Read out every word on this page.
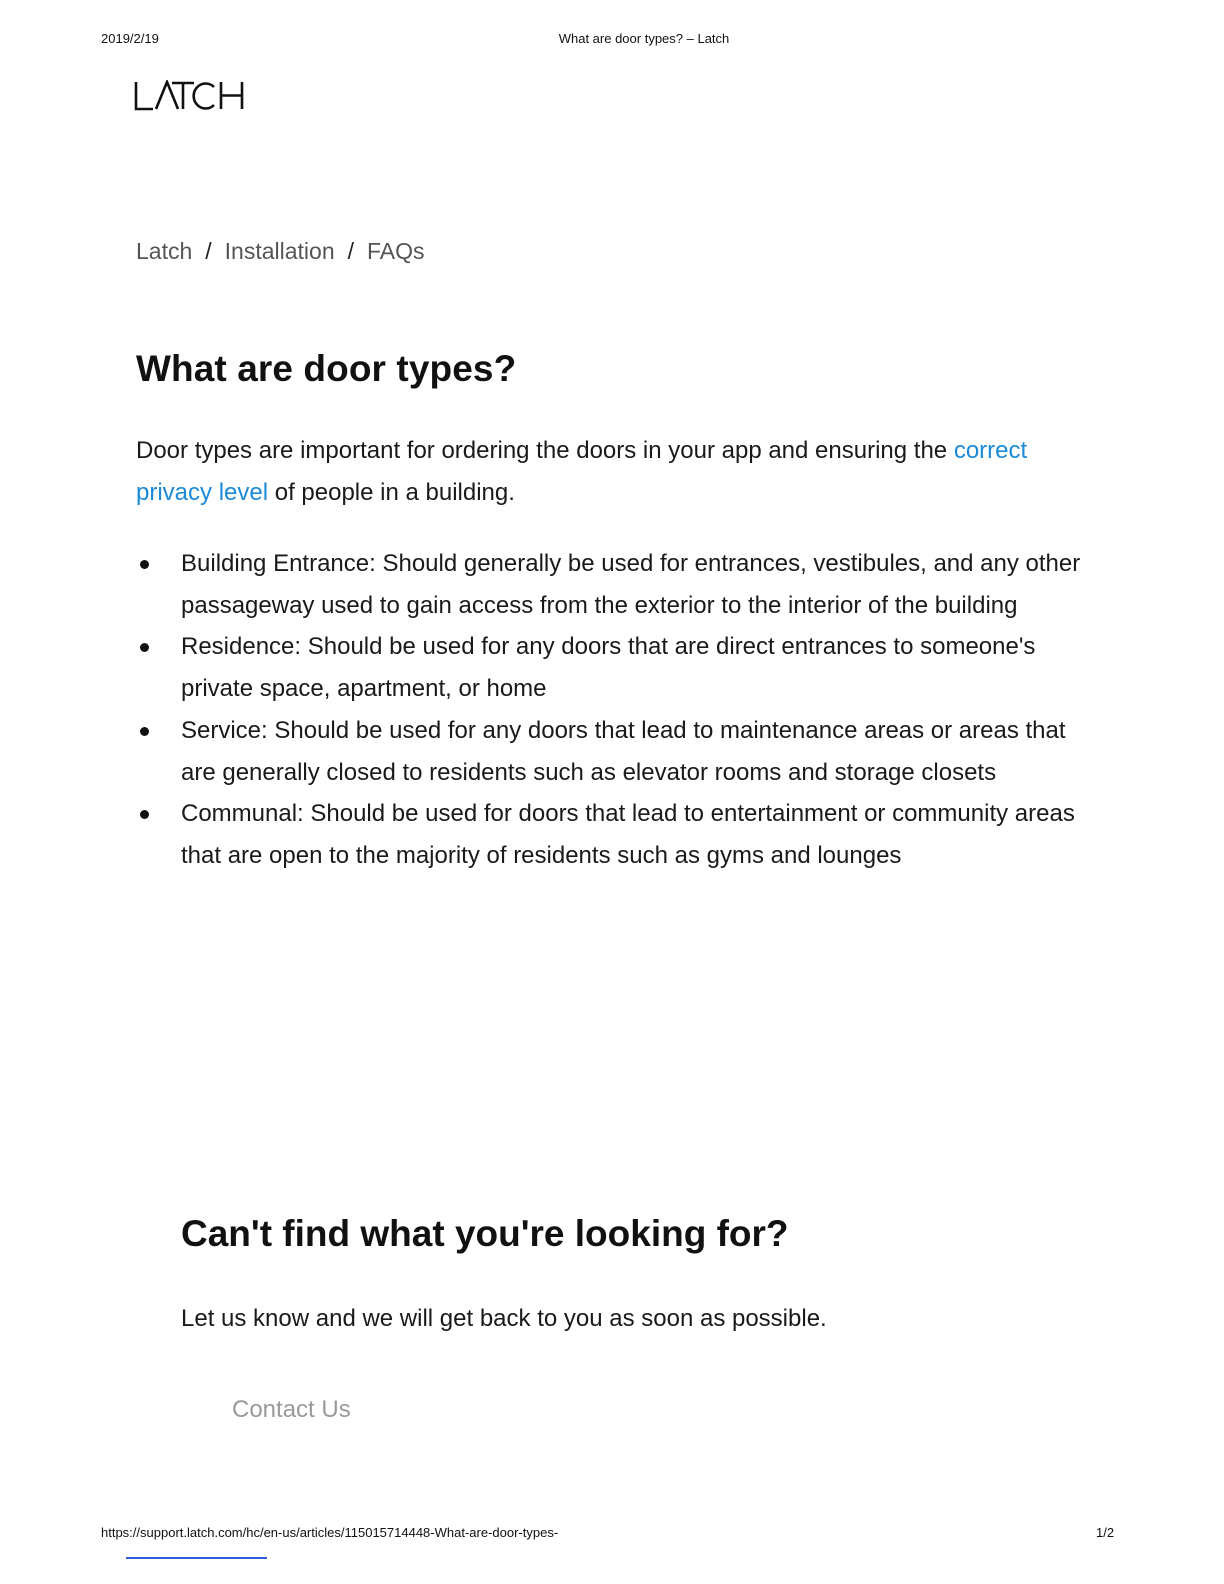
2019/2/19	What are door types? – Latch
Latch / Installation / FAQs
What are door types?

Door types are important for ordering the doors in your app and ensuring the correct privacy level of people in a building.

Building Entrance: Should generally be used for entrances, vestibules, and any other passageway used to gain access from the exterior to the interior of the building
Residence: Should be used for any doors that are direct entrances to someone's private space, apartment, or home
Service: Should be used for any doors that lead to maintenance areas or areas that are generally closed to residents such as elevator rooms and storage closets
Communal: Should be used for doors that lead to entertainment or community areas that are open to the majority of residents such as gyms and lounges
Can't find what you're looking for?

Let us know and we will get back to you as soon as possible.

Contact Us
https://support.latch.com/hc/en-us/articles/115015714448-What-are-door-types-	1/2
